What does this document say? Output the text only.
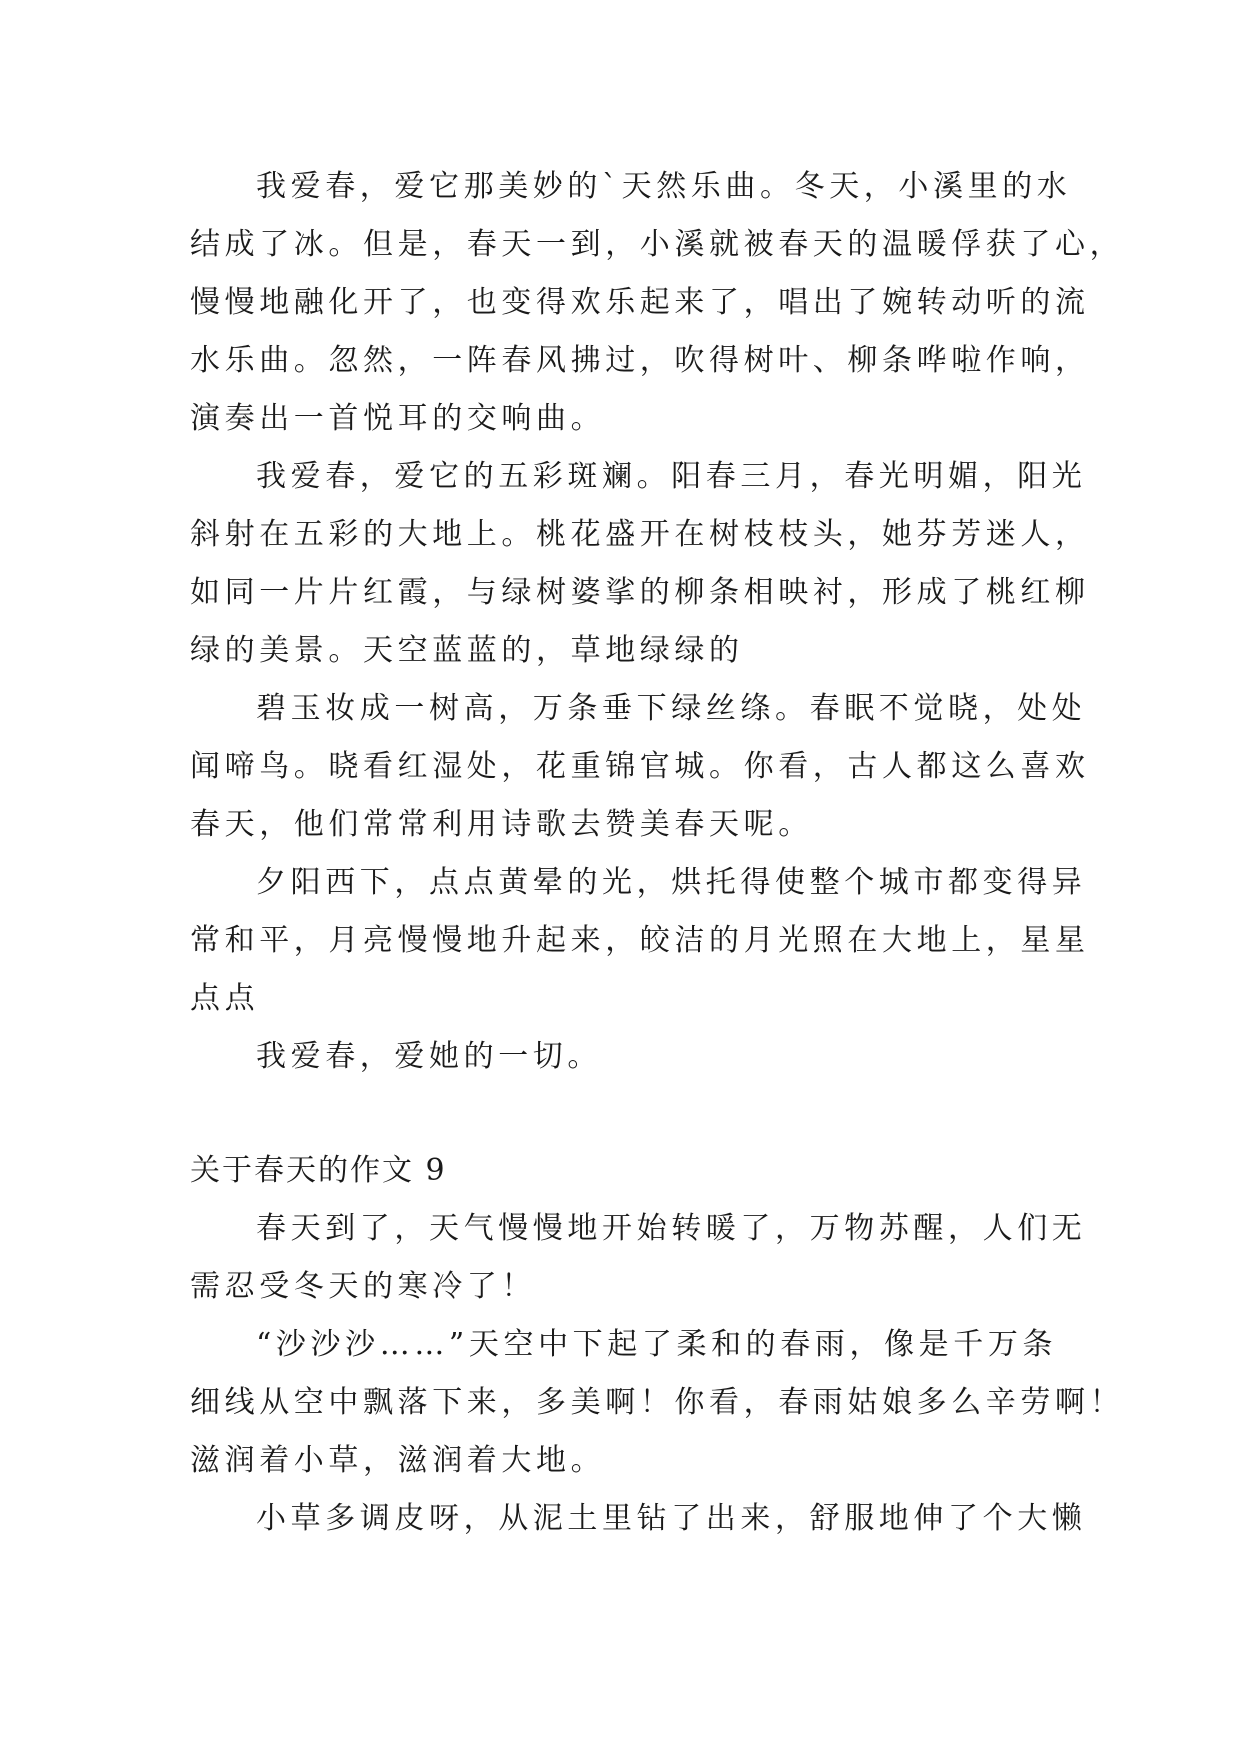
我爱春，爱它那美妙的`天然乐曲。冬天，小溪里的水
结成了冰。但是，春天一到，小溪就被春天的温暖俘获了心，
慢慢地融化开了，也变得欢乐起来了，唱出了婉转动听的流
水乐曲。忽然，一阵春风拂过，吹得树叶、柳条哗啦作响，
演奏出一首悦耳的交响曲。
我爱春，爱它的五彩斑斓。阳春三月，春光明媚，阳光
斜射在五彩的大地上。桃花盛开在树枝枝头，她芬芳迷人，
如同一片片红霞，与绿树婆挲的柳条相映衬，形成了桃红柳
绿的美景。天空蓝蓝的，草地绿绿的
碧玉妆成一树高，万条垂下绿丝绦。春眠不觉晓，处处
闻啼鸟。晓看红湿处，花重锦官城。你看，古人都这么喜欢
春天，他们常常利用诗歌去赞美春天呢。
夕阳西下，点点黄晕的光，烘托得使整个城市都变得异
常和平，月亮慢慢地升起来，皎洁的月光照在大地上，星星
点点
我爱春，爱她的一切。
关于春天的作文 9
春天到了，天气慢慢地开始转暖了，万物苏醒，人们无
需忍受冬天的寒冷了！
“沙沙沙……”天空中下起了柔和的春雨，像是千万条
细线从空中飘落下来，多美啊！你看，春雨姑娘多么辛劳啊！
滋润着小草，滋润着大地。
小草多调皮呀，从泥土里钻了出来，舒服地伸了个大懒
